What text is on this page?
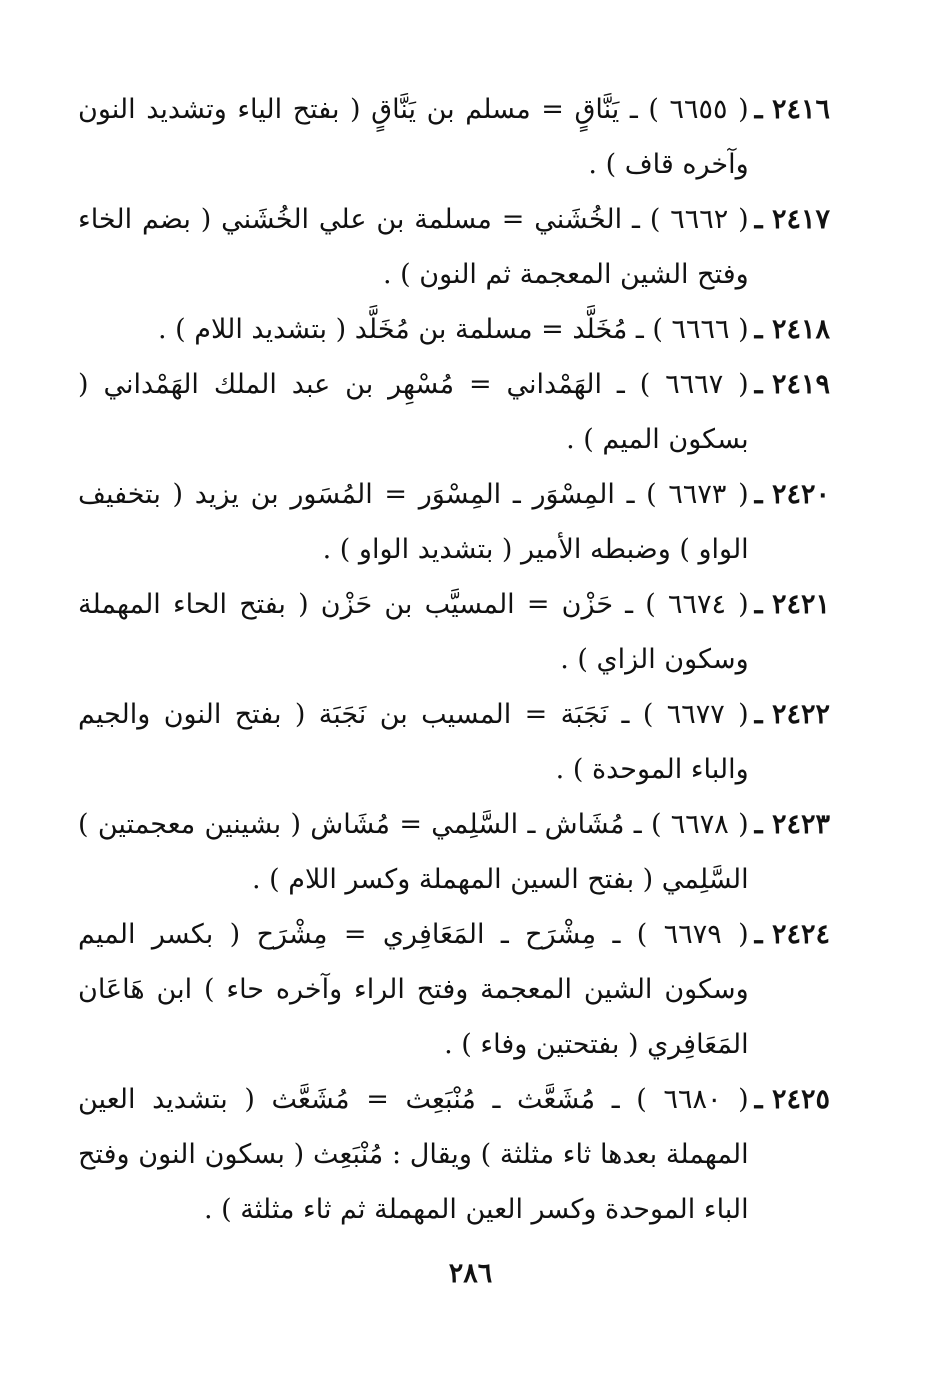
٢٤١٦ ـ
( ٦٦٥٥ ) ـ يَنَّاقٍ = مسلم بن يَنَّاقٍ ( بفتح الياء وتشديد النون وآخره قاف ) .
٢٤١٧ ـ
( ٦٦٦٢ ) ـ الخُشَني = مسلمة بن علي الخُشَني ( بضم الخاء وفتح الشين المعجمة ثم النون ) .
٢٤١٨ ـ
( ٦٦٦٦ ) ـ مُخَلَّد = مسلمة بن مُخَلَّد ( بتشديد اللام ) .
٢٤١٩ ـ
( ٦٦٦٧ ) ـ الهَمْداني = مُسْهِر بن عبد الملك الهَمْداني ( بسكون الميم ) .
٢٤٢٠ ـ
( ٦٦٧٣ ) ـ المِسْوَر ـ المِسْوَر = المُسَور بن يزيد ( بتخفيف الواو ) وضبطه الأمير ( بتشديد الواو ) .
٢٤٢١ ـ
( ٦٦٧٤ ) ـ حَزْن = المسيَّب بن حَزْن ( بفتح الحاء المهملة وسكون الزاي ) .
٢٤٢٢ ـ
( ٦٦٧٧ ) ـ نَجَبَة = المسيب بن نَجَبَة ( بفتح النون والجيم والباء الموحدة ) .
٢٤٢٣ ـ
( ٦٦٧٨ ) ـ مُشَاش ـ السَّلِمي = مُشَاش ( بشينين معجمتين ) السَّلِمي ( بفتح السين المهملة وكسر اللام ) .
٢٤٢٤ ـ
( ٦٦٧٩ ) ـ مِشْرَح ـ المَعَافِري = مِشْرَح ( بكسر الميم وسكون الشين المعجمة وفتح الراء وآخره حاء ) ابن هَاعَان المَعَافِري ( بفتحتين وفاء ) .
٢٤٢٥ ـ
( ٦٦٨٠ ) ـ مُشَعَّث ـ مُنْبَعِث = مُشَعَّث ( بتشديد العين المهملة بعدها ثاء مثلثة ) ويقال : مُنْبَعِث ( بسكون النون وفتح الباء الموحدة وكسر العين المهملة ثم ثاء مثلثة ) .
٢٨٦
